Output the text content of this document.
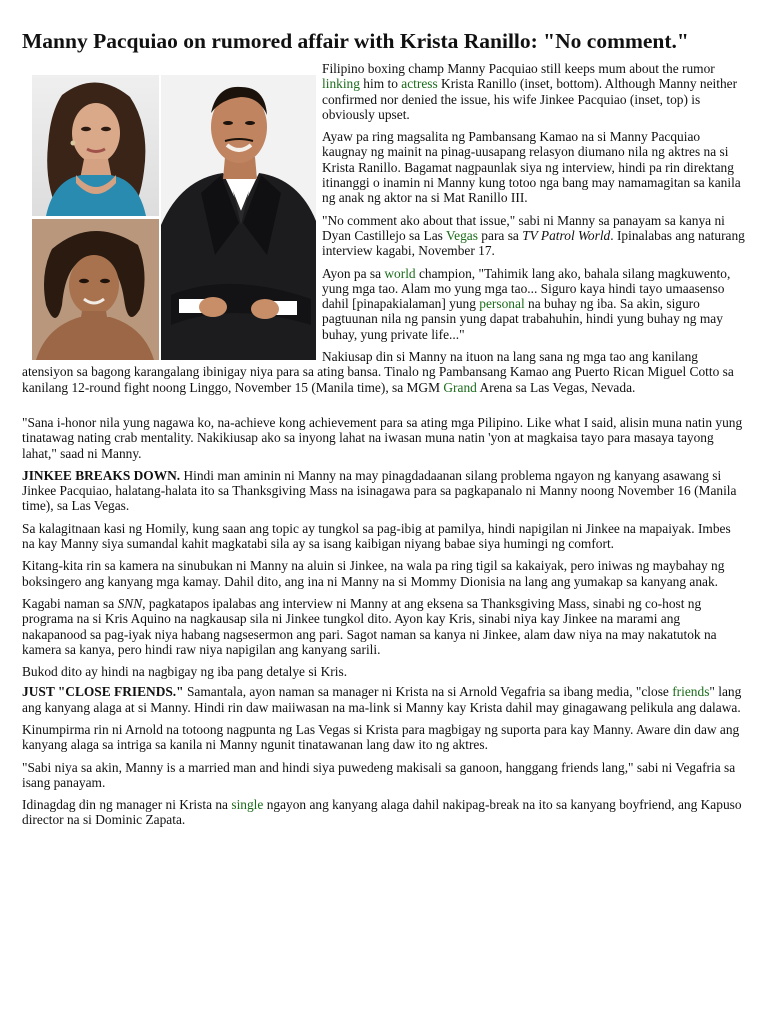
Manny Pacquiao on rumored affair with Krista Ranillo: "No comment."

Filipino boxing champ Manny Pacquiao still keeps mum about the rumor linking him to actress Krista Ranillo (inset, bottom). Although Manny neither confirmed nor denied the issue, his wife Jinkee Pacquiao (inset, top) is obviously upset.

Ayaw pa ring magsalita ng Pambansang Kamao na si Manny Pacquiao kaugnay ng mainit na pinag-uusapang relasyon diumano nila ng aktres na si Krista Ranillo. Bagamat nagpaunlak siya ng interview, hindi pa rin direktang itinanggi o inamin ni Manny kung totoo nga bang may namamagitan sa kanila ng anak ng aktor na si Mat Ranillo III.

"No comment ako about that issue," sabi ni Manny sa panayam sa kanya ni Dyan Castillejo sa Las Vegas para sa TV Patrol World. Ipinalabas ang naturang interview kagabi, November 17.

Ayon pa sa world champion, "Tahimik lang ako, bahala silang magkuwento, yung mga tao. Alam mo yung mga tao... Siguro kaya hindi tayo umaasenso dahil [pinapakialaman] yung personal na buhay ng iba. Sa akin, siguro pagtuunan nila ng pansin yung dapat trabahuhin, hindi yung buhay ng may buhay, yung private life..."

Nakiusap din si Manny na ituon na lang sana ng mga tao ang kanilang atensiyon sa bagong karangalang ibinigay niya para sa ating bansa. Tinalo ng Pambansang Kamao ang Puerto Rican Miguel Cotto sa kanilang 12-round fight noong Linggo, November 15 (Manila time), sa MGM Grand Arena sa Las Vegas, Nevada.

"Sana i-honor nila yung nagawa ko, na-achieve kong achievement para sa ating mga Pilipino. Like what I said, alisin muna natin yung tinatawag nating crab mentality. Nakikiusap ako sa inyong lahat na iwasan muna natin 'yon at magkaisa tayo para masaya tayong lahat," saad ni Manny.

JINKEE BREAKS DOWN. Hindi man aminin ni Manny na may pinagdadaanan silang problema ngayon ng kanyang asawang si Jinkee Pacquiao, halatang-halata ito sa Thanksgiving Mass na isinagawa para sa pagkapanalo ni Manny noong November 16 (Manila time), sa Las Vegas.

Sa kalagitnaan kasi ng Homily, kung saan ang topic ay tungkol sa pag-ibig at pamilya, hindi napigilan ni Jinkee na mapaiyak. Imbes na kay Manny siya sumandal kahit magkatabi sila ay sa isang kaibigan niyang babae siya humingi ng comfort.

Kitang-kita rin sa kamera na sinubukan ni Manny na aluin si Jinkee, na wala pa ring tigil sa kakaiyak, pero iniwas ng maybahay ng boksingero ang kanyang mga kamay. Dahil dito, ang ina ni Manny na si Mommy Dionisia na lang ang yumakap sa kanyang anak.

Kagabi naman sa SNN, pagkatapos ipalabas ang interview ni Manny at ang eksena sa Thanksgiving Mass, sinabi ng co-host ng programa na si Kris Aquino na nagkausap sila ni Jinkee tungkol dito. Ayon kay Kris, sinabi niya kay Jinkee na marami ang nakapanood sa pag-iyak niya habang nagsesermon ang pari. Sagot naman sa kanya ni Jinkee, alam daw niya na may nakatutok na kamera sa kanya, pero hindi raw niya napigilan ang kanyang sarili.

Bukod dito ay hindi na nagbigay ng iba pang detalye si Kris.

JUST "CLOSE FRIENDS." Samantala, ayon naman sa manager ni Krista na si Arnold Vegafria sa ibang media, "close friends" lang ang kanyang alaga at si Manny. Hindi rin daw maiiwasan na ma-link si Manny kay Krista dahil may ginagawang pelikula ang dalawa.

Kinumpirma rin ni Arnold na totoong nagpunta ng Las Vegas si Krista para magbigay ng suporta para kay Manny. Aware din daw ang kanyang alaga sa intriga sa kanila ni Manny ngunit tinatawanan lang daw ito ng aktres.

"Sabi niya sa akin, Manny is a married man and hindi siya puwedeng makisali sa ganoon, hanggang friends lang," sabi ni Vegafria sa isang panayam.

Idinagdag din ng manager ni Krista na single ngayon ang kanyang alaga dahil nakipag-break na ito sa kanyang boyfriend, ang Kapuso director na si Dominic Zapata.
